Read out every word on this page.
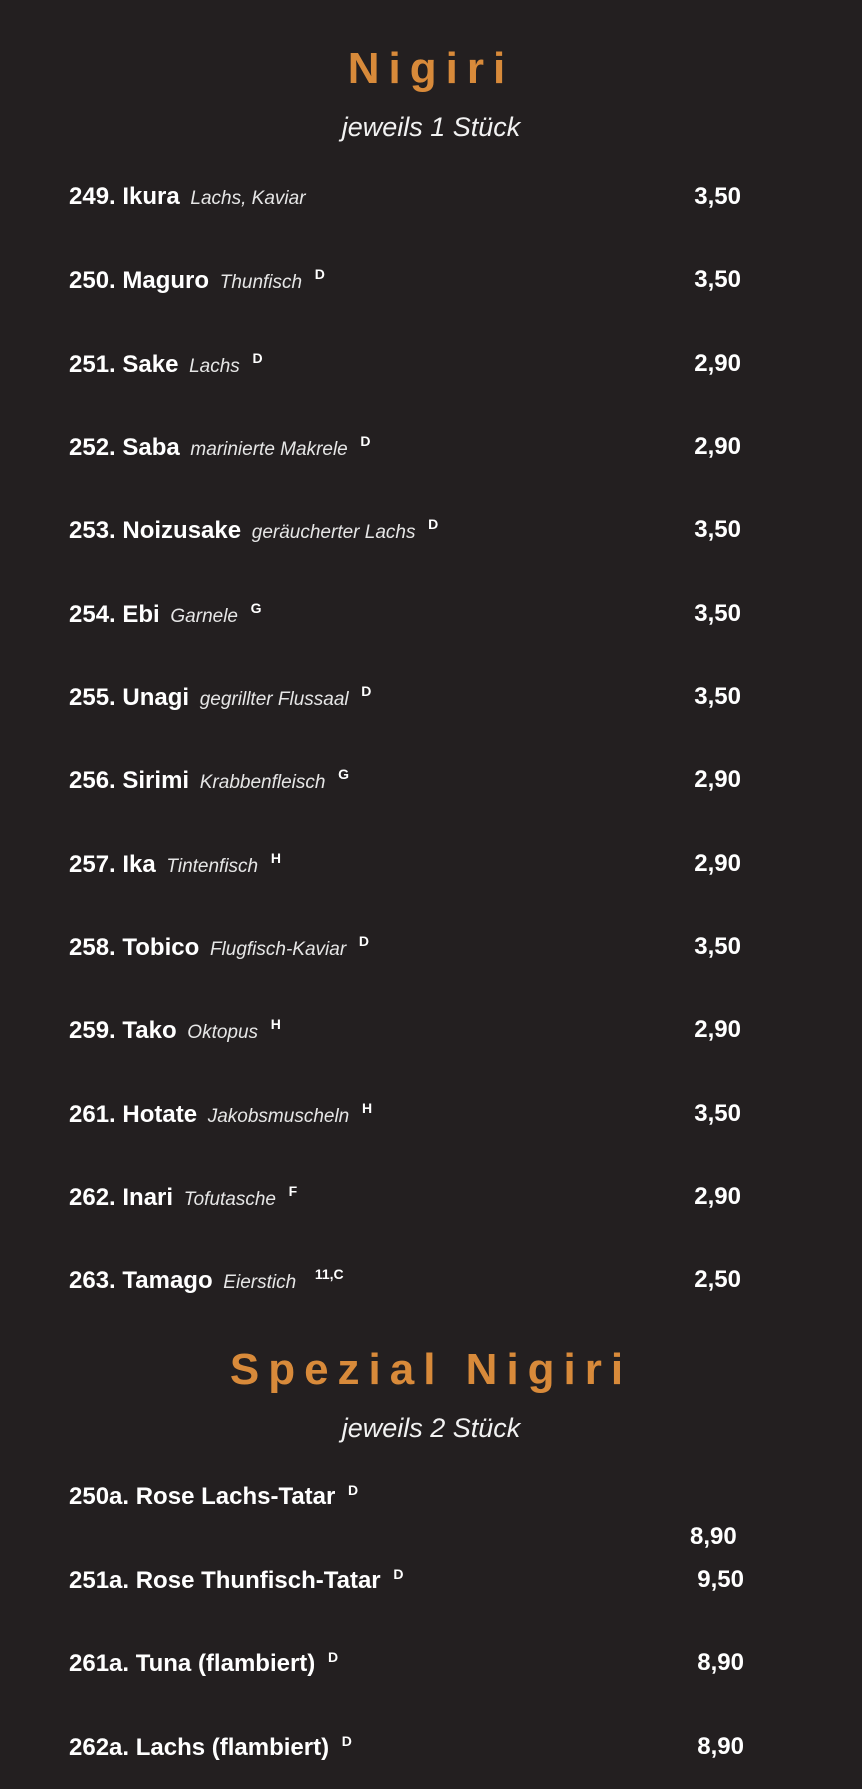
Nigiri
jeweils 1 Stück
249. Ikura Lachs, Kaviar	3,50
250. Maguro Thunfisch $^D$	3,50
251. Sake Lachs $^D$	2,90
252. Saba marinierte Makrele $^D$	2,90
253. Noizusake geräucherter Lachs $^D$	3,50
254. Ebi Garnele $^G$	3,50
255. Unagi gegrillter Flussaal $^D$	3,50
256. Sirimi Krabbenfleisch $^G$	2,90
257. Ika Tintenfisch $^H$	2,90
258. Tobico Flugfisch-Kaviar $^D$	3,50
259. Tako Oktopus $^H$	2,90
261. Hotate Jakobsmuscheln $^H$	3,50
262. Inari Tofutasche $^F$	2,90
263. Tamago Eierstich $^{11,C}$	2,50
Spezial Nigiri
jeweils 2 Stück
250a. Rose Lachs-Tatar $^D$
8,90
251a. Rose Thunfisch-Tatar $^D$	9,50
261a. Tuna (flambiert) $^D$	8,90
262a. Lachs (flambiert) $^D$	8,90
